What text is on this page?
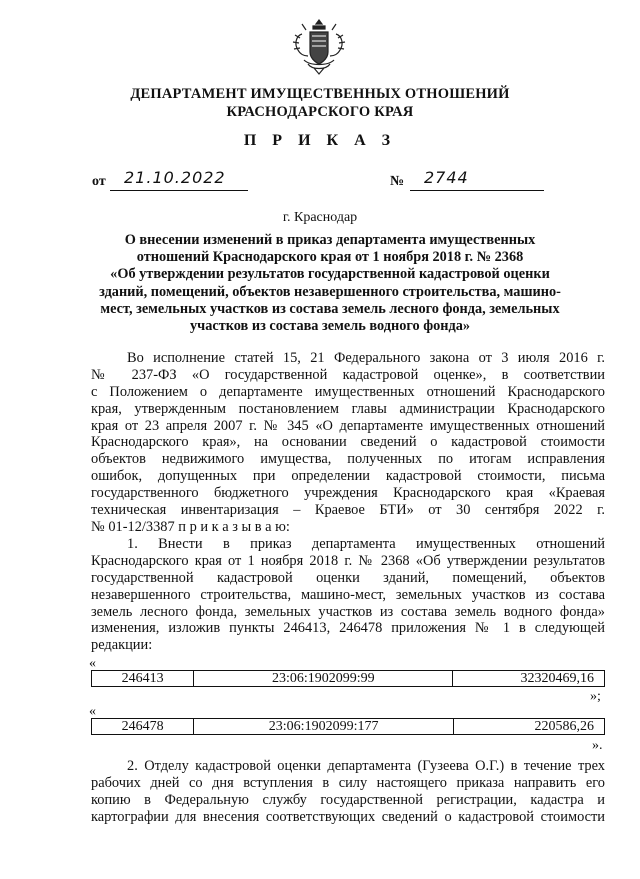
ДЕПАРТАМЕНТ ИМУЩЕСТВЕННЫХ ОТНОШЕНИЙ
КРАСНОДАРСКОГО КРАЯ
П Р И К А З
от 21.10.2022	№ 2744
г. Краснодар
О внесении изменений в приказ департамента имущественных
отношений Краснодарского края от 1 ноября 2018 г. № 2368
«Об утверждении результатов государственной кадастровой оценки
зданий, помещений, объектов незавершенного строительства, машино-
мест, земельных участков из состава земель лесного фонда, земельных
участков из состава земель водного фонда»
Во исполнение статей 15, 21 Федерального закона от 3 июля 2016 г.
№ 237-ФЗ «О государственной кадастровой оценке», в соответствии
с Положением о департаменте имущественных отношений Краснодарского
края, утвержденным постановлением главы администрации Краснодарского
края от 23 апреля 2007 г. № 345 «О департаменте имущественных отношений
Краснодарского края», на основании сведений о кадастровой стоимости
объектов недвижимого имущества, полученных по итогам исправления
ошибок, допущенных при определении кадастровой стоимости, письма
государственного бюджетного учреждения Краснодарского края «Краевая
техническая инвентаризация – Краевое БТИ» от 30 сентября 2022 г.
№ 01-12/3387 п р и к а з ы в а ю:
1. Внести в приказ департамента имущественных отношений
Краснодарского края от 1 ноября 2018 г. № 2368 «Об утверждении результатов
государственной кадастровой оценки зданий, помещений, объектов
незавершенного строительства, машино-мест, земельных участков из состава
земель лесного фонда, земельных участков из состава земель водного фонда»
изменения, изложив пункты 246413, 246478 приложения № 1 в следующей
редакции:
«
246413	23:06:1902099:99	32320469,16
»;
«
246478	23:06:1902099:177	220586,26
».
2. Отделу кадастровой оценки департамента (Гузеева О.Г.) в течение трех
рабочих дней со дня вступления в силу настоящего приказа направить его
копию в Федеральную службу государственной регистрации, кадастра и
картографии для внесения соответствующих сведений о кадастровой стоимости
